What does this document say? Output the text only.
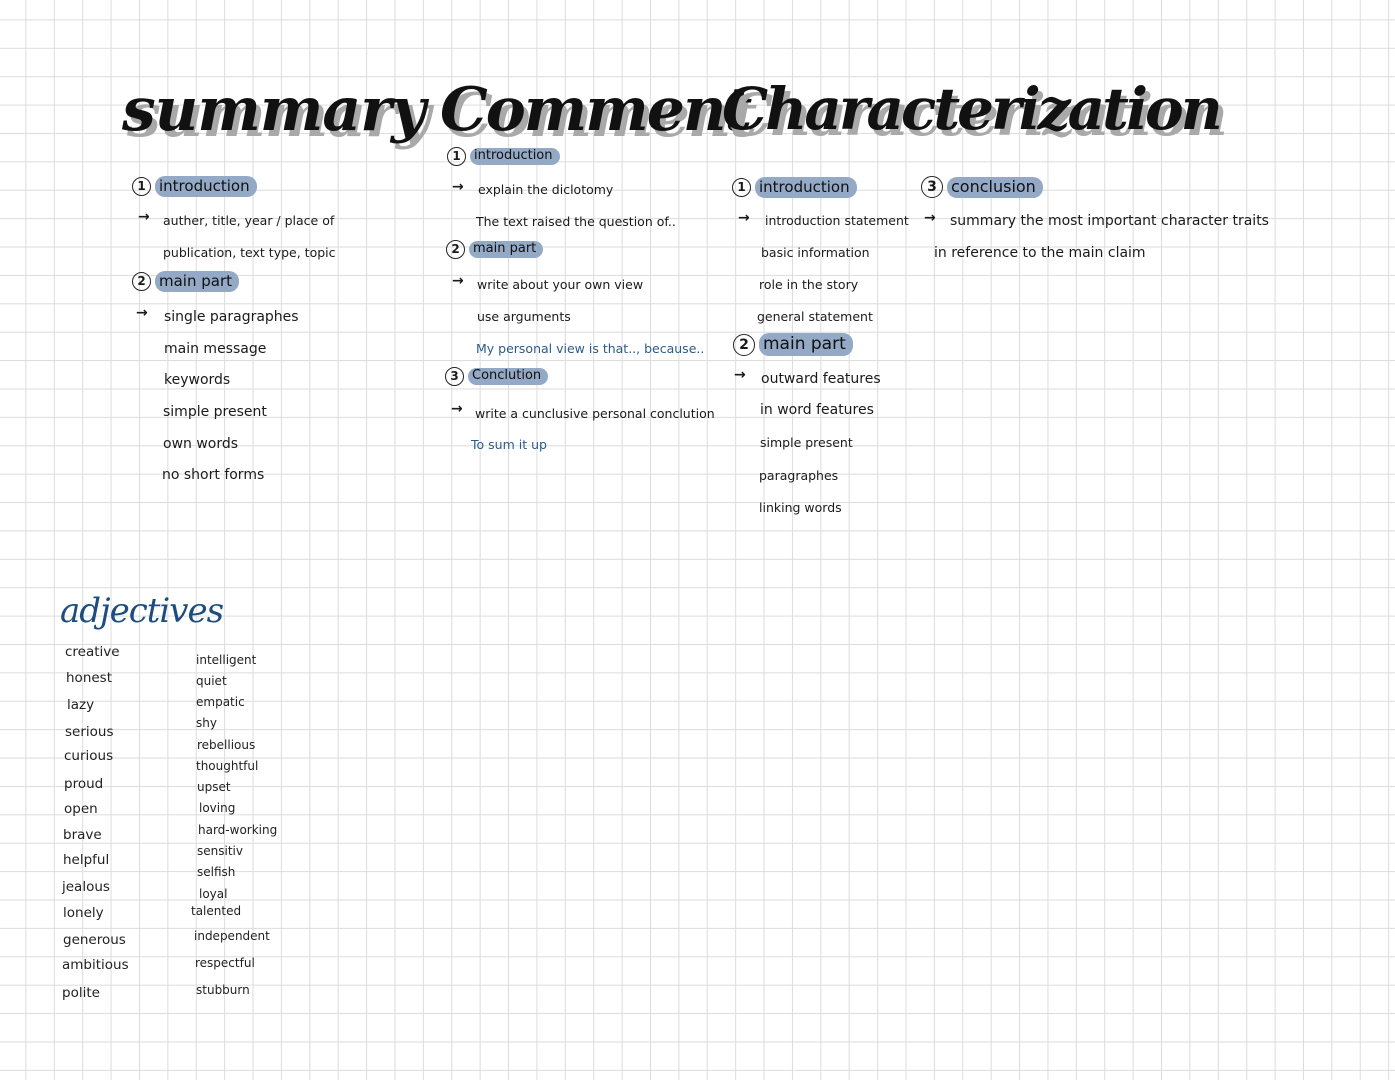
summary
1 introduction
→ auther, title, year / place of
publication, text type, topic
2 main part
→ single paragraphes
main message
keywords
simple present
own words
no short forms
Comment
1	introduction
→ explain the diclotomy
The text raised the question of..
2	main part
→ write about your own view
use arguments
My personal view is that.., because..
3	Conclution
→ write a cunclusive personal conclution
To sum it up
Characterization
1 introduction
→ introduction statement
basic information
role in the story
general statement
2 main part
→ outward features
in word features
simple present
paragraphes
linking words
3 conclusion
→ summary the most important character traits
in reference to the main claim
adjectives
creative
honest
lazy
serious
curious
proud
open
brave
helpful
jealous
lonely
generous
ambitious
polite
intelligent
quiet
empatic
shy
rebellious
thoughtful
upset
loving
hard-working
sensitiv
selfish
loyal
talented
independent
respectful
stubburn
